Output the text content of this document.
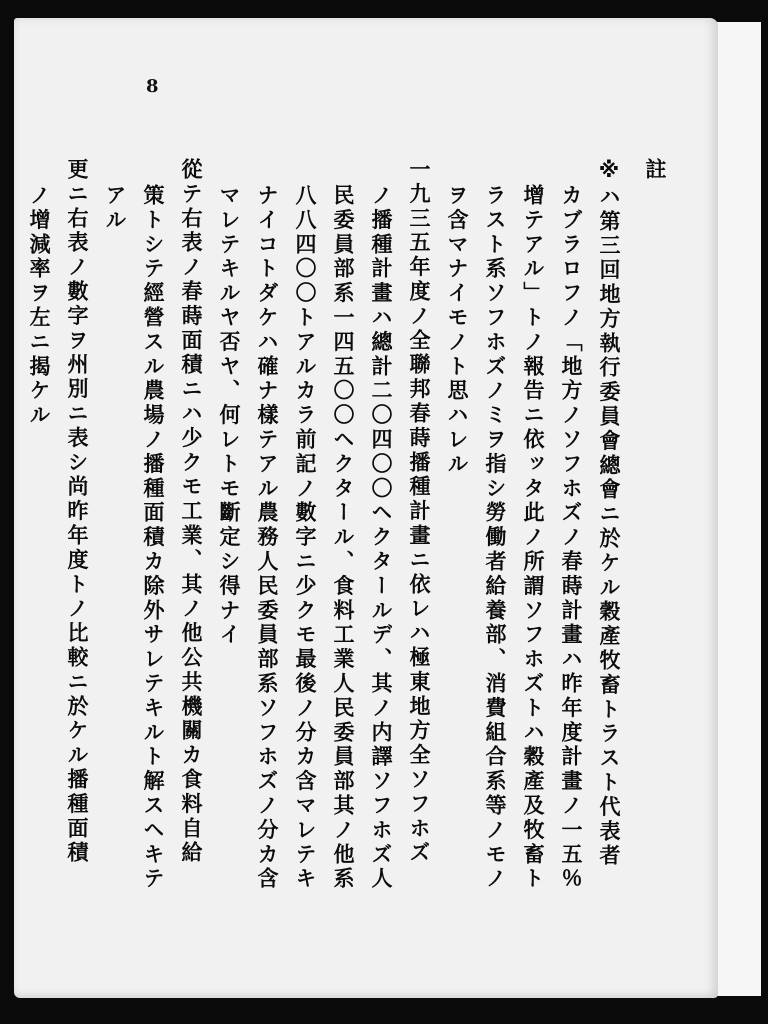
8
註
※ハ第三回地方執行委員會總會ニ於ケル穀產牧畜トラスト代表者
カブラロフノ「地方ノソフホズノ春蒔計畫ハ昨年度計畫ノ一五％
增テアル」トノ報告ニ依ッタ此ノ所謂ソフホズトハ穀產及牧畜ト
ラスト系ソフホズノミヲ指シ勞働者給養部、消費組合系等ノモノ
ヲ含マナイモノト思ハレル
一九三五年度ノ全聯邦春蒔播種計畫ニ依レハ極東地方全ソフホズ
ノ播種計畫ハ總計二〇四〇〇ヘクタールデ、其ノ内譯ソフホズ人
民委員部系一四五〇〇ヘクタール、食料工業人民委員部其ノ他系
八八四〇〇トアルカラ前記ノ數字ニ少クモ最後ノ分カ含マレテキ
ナイコトダケハ確ナ樣テアル農務人民委員部系ソフホズノ分カ含
マレテキルヤ否ヤ、何レトモ斷定シ得ナイ
從テ右表ノ春蒔面積ニハ少クモ工業、其ノ他公共機關カ食料自給
策トシテ經營スル農場ノ播種面積カ除外サレテキルト解スヘキテ
アル
更ニ右表ノ數字ヲ州別ニ表シ尚昨年度トノ比較ニ於ケル播種面積
ノ增減率ヲ左ニ揭ケル
